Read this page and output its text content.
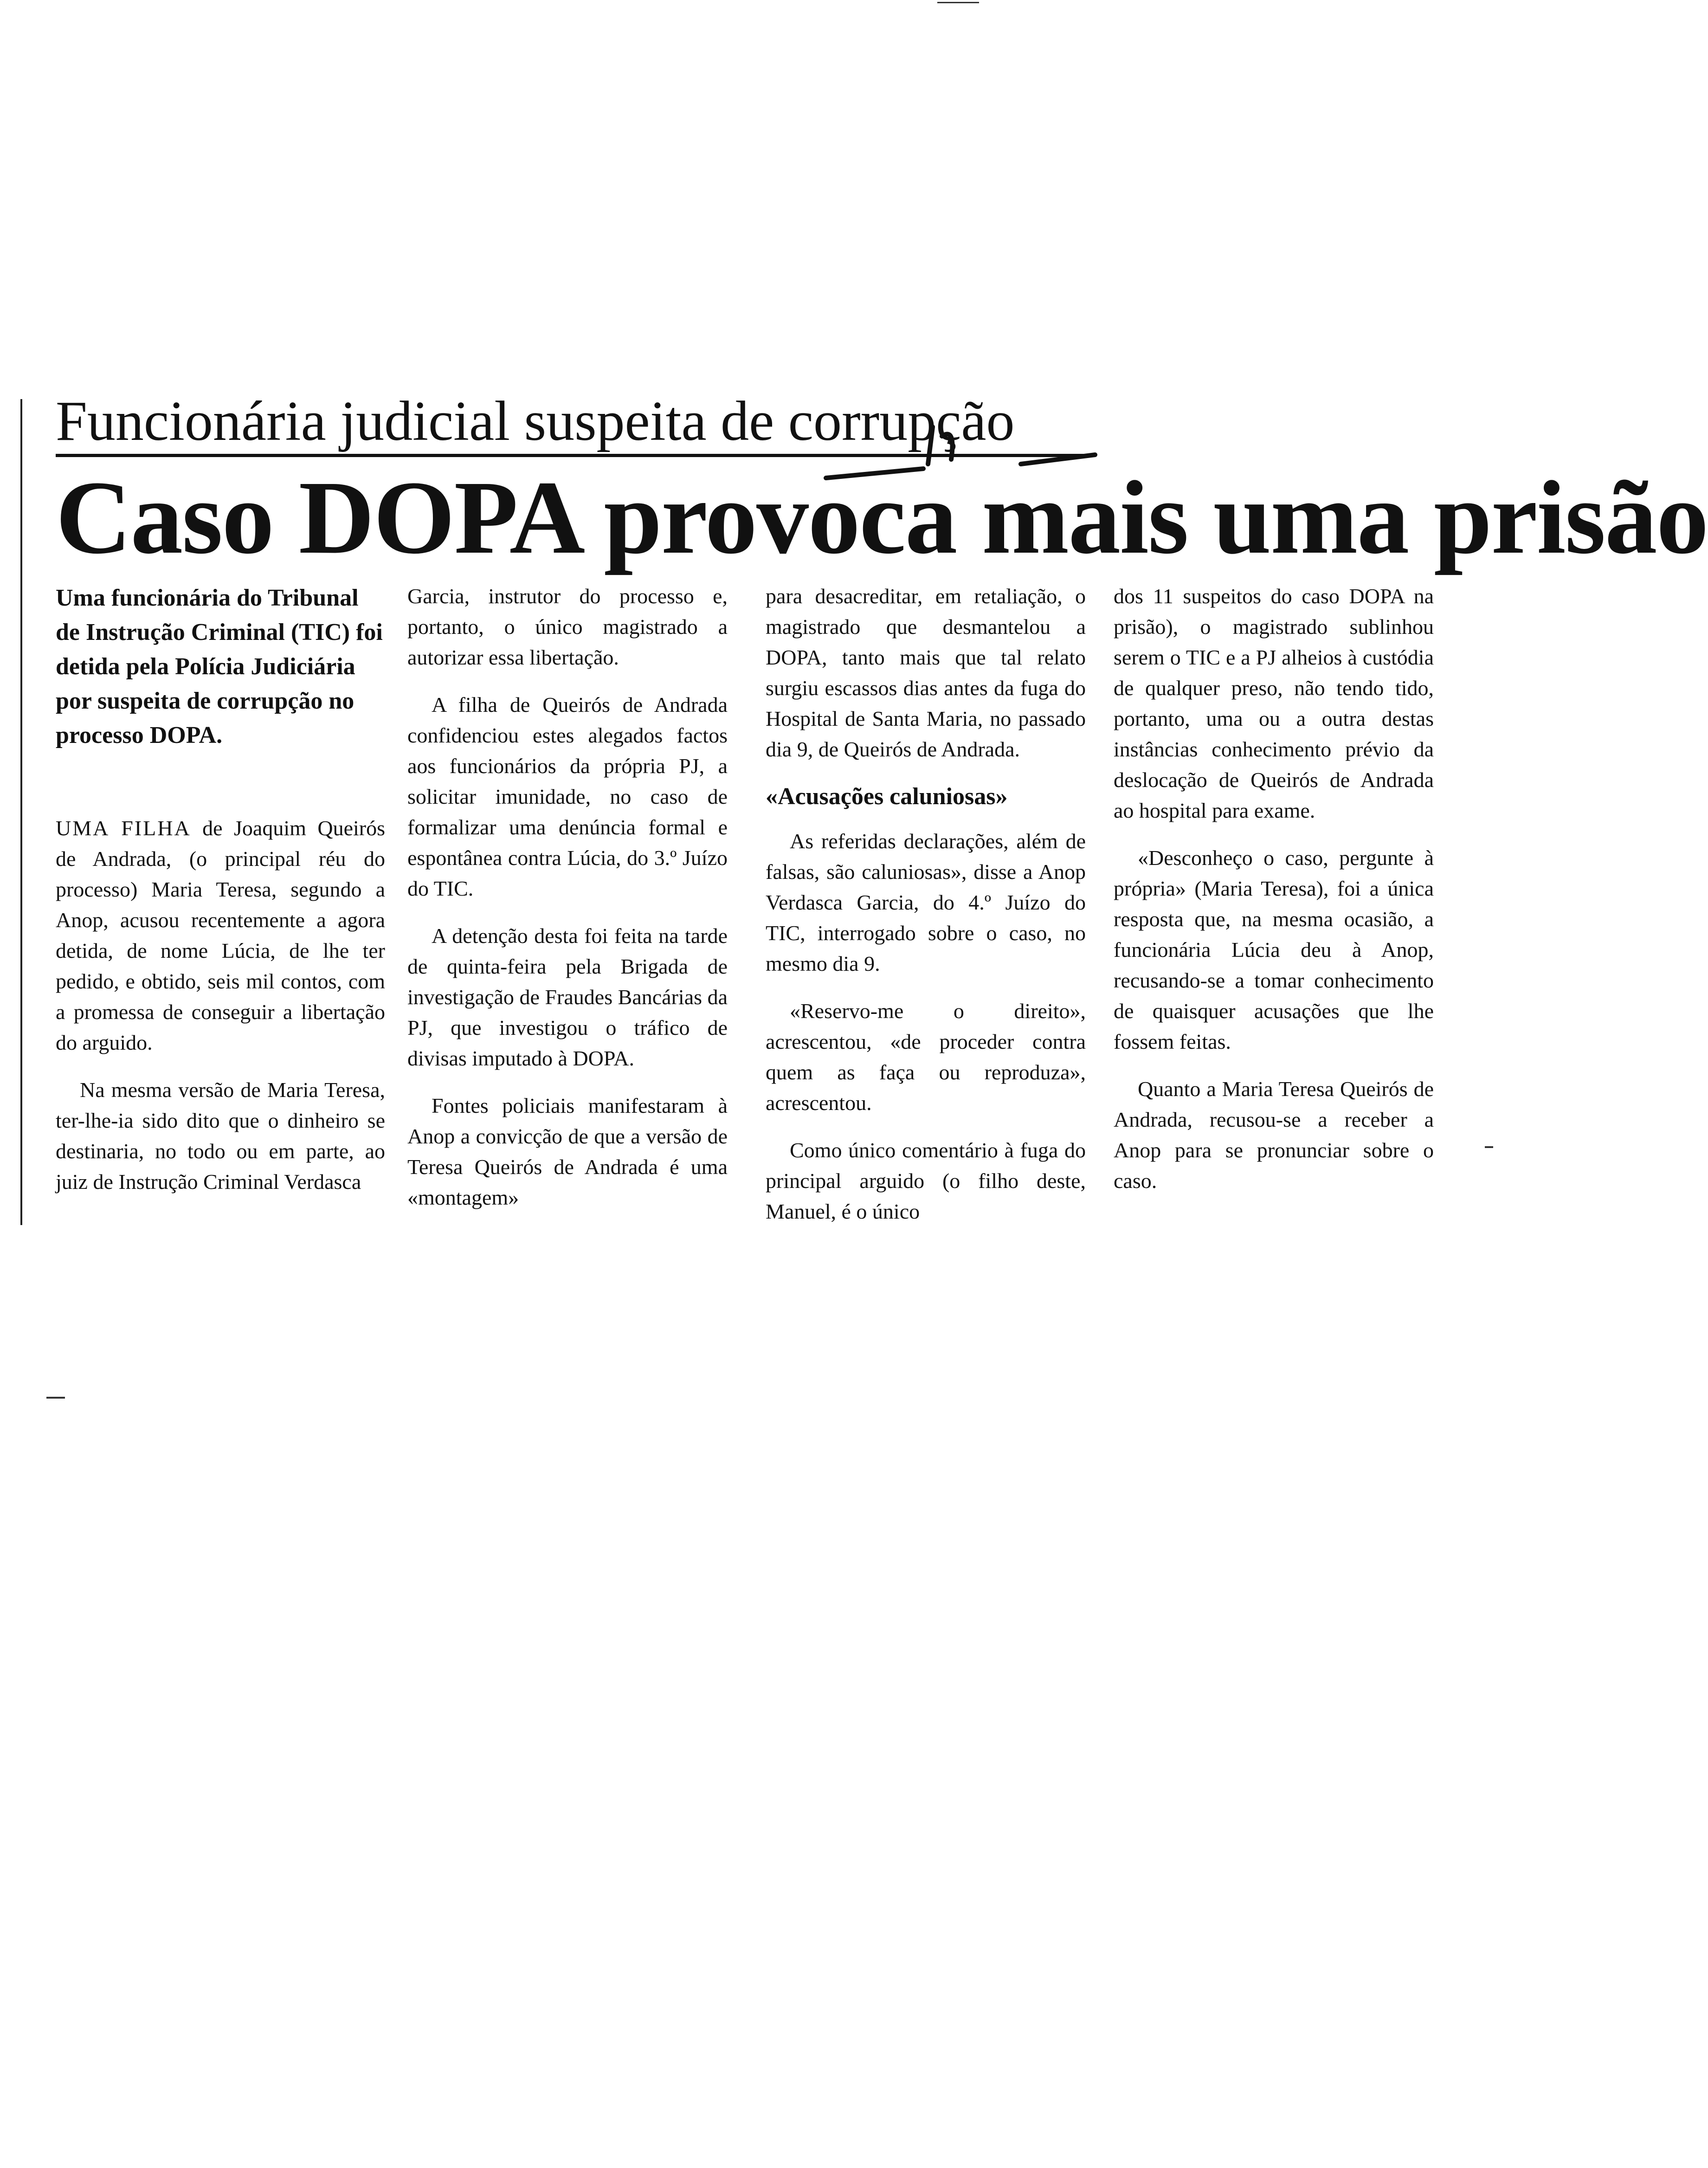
Funcionária judicial suspeita de corrupção
Caso DOPA provoca mais uma prisão

Uma funcionária do Tribunal de Instrução Criminal (TIC) foi detida pela Polícia Judiciária por suspeita de corrupção no processo DOPA.

UMA FILHA de Joaquim Queirós de Andrada, (o principal réu do processo) Maria Teresa, segundo a Anop, acusou recentemente a agora detida, de nome Lúcia, de lhe ter pedido, e obtido, seis mil contos, com a promessa de conseguir a libertação do arguido.

Na mesma versão de Maria Teresa, ter-lhe-ia sido dito que o dinheiro se destinaria, no todo ou em parte, ao juiz de Instrução Criminal Verdasca

Garcia, instrutor do processo e, portanto, o único magistrado a autorizar essa libertação.

A filha de Queirós de Andrada confidenciou estes alegados factos aos funcionários da própria PJ, a solicitar imunidade, no caso de formalizar uma denúncia formal e espontânea contra Lúcia, do 3.º Juízo do TIC.

A detenção desta foi feita na tarde de quinta-feira pela Brigada de investigação de Fraudes Bancárias da PJ, que investigou o tráfico de divisas imputado à DOPA.

Fontes policiais manifestaram à Anop a convicção de que a versão de Teresa Queirós de Andrada é uma «montagem»

para desacreditar, em retaliação, o magistrado que desmantelou a DOPA, tanto mais que tal relato surgiu escassos dias antes da fuga do Hospital de Santa Maria, no passado dia 9, de Queirós de Andrada.

«Acusações caluniosas»

As referidas declarações, além de falsas, são caluniosas», disse a Anop Verdasca Garcia, do 4.º Juízo do TIC, interrogado sobre o caso, no mesmo dia 9.

«Reservo-me o direito», acrescentou, «de proceder contra quem as faça ou reproduza», acrescentou.

Como único comentário à fuga do principal arguido (o filho deste, Manuel, é o único

dos 11 suspeitos do caso DOPA na prisão), o magistrado sublinhou serem o TIC e a PJ alheios à custódia de qualquer preso, não tendo tido, portanto, uma ou a outra destas instâncias conhecimento prévio da deslocação de Queirós de Andrada ao hospital para exame.

«Desconheço o caso, pergunte à própria» (Maria Teresa), foi a única resposta que, na mesma ocasião, a funcionária Lúcia deu à Anop, recusando-se a tomar conhecimento de quaisquer acusações que lhe fossem feitas.

Quanto a Maria Teresa Queirós de Andrada, recusou-se a receber a Anop para se pronunciar sobre o caso.
